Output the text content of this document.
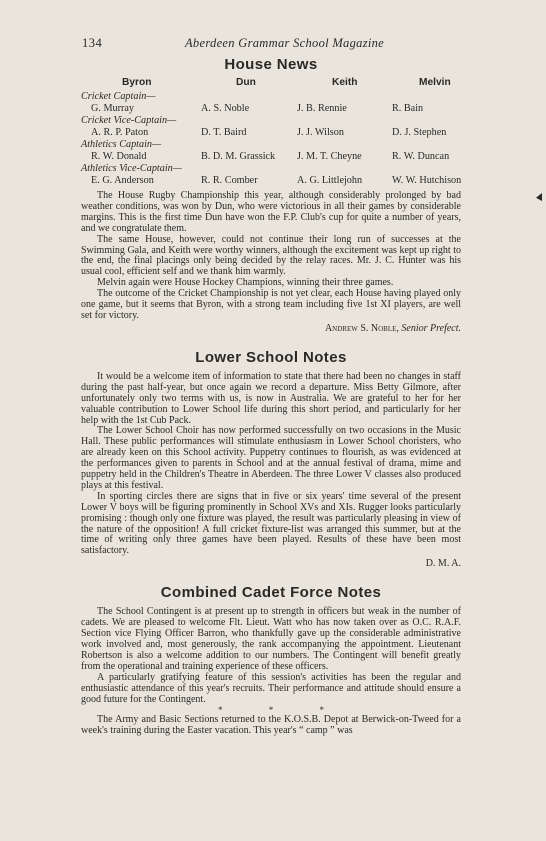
134	Aberdeen Grammar School Magazine
House News
Byron	Dun	Keith	Melvin
Cricket Captain—
G. Murray	A. S. Noble	J. B. Rennie	R. Bain
Cricket Vice-Captain—
A. R. P. Paton	D. T. Baird	J. J. Wilson	D. J. Stephen
Athletics Captain—
R. W. Donald	B. D. M. Grassick	J. M. T. Cheyne	R. W. Duncan
Athletics Vice-Captain—
E. G. Anderson	R. R. Comber	A. G. Littlejohn	W. W. Hutchison

The House Rugby Championship this year, although considerably prolonged by bad weather conditions, was won by Dun, who were victorious in all their games by considerable margins. This is the first time Dun have won the F.P. Club's cup for quite a number of years, and we congratulate them.

The same House, however, could not continue their long run of successes at the Swimming Gala, and Keith were worthy winners, although the excitement was kept up right to the end, the final placings only being decided by the relay races. Mr. J. C. Hunter was his usual cool, efficient self and we thank him warmly.

Melvin again were House Hockey Champions, winning their three games.

The outcome of the Cricket Championship is not yet clear, each House having played only one game, but it seems that Byron, with a strong team including five 1st XI players, are well set for victory.

Andrew S. Noble, Senior Prefect.
Lower School Notes

It would be a welcome item of information to state that there had been no changes in staff during the past half-year, but once again we record a departure. Miss Betty Gilmore, after unfortunately only two terms with us, is now in Australia. We are grateful to her for her valuable contribution to Lower School life during this short period, and particularly for her help with the 1st Cub Pack.

The Lower School Choir has now performed successfully on two occasions in the Music Hall. These public performances will stimulate enthusiasm in Lower School choristers, who are already keen on this School activity. Puppetry continues to flourish, as was evidenced at the performances given to parents in School and at the annual festival of drama, mime and puppetry held in the Children's Theatre in Aberdeen. The three Lower V classes also produced plays at this festival.

In sporting circles there are signs that in five or six years' time several of the present Lower V boys will be figuring prominently in School XVs and XIs. Rugger looks particularly promising : though only one fixture was played, the result was particularly pleasing in view of the nature of the opposition! A full cricket fixture-list was arranged this summer, but at the time of writing only three games have been played. Results of these have been most satisfactory.

D. M. A.
Combined Cadet Force Notes

The School Contingent is at present up to strength in officers but weak in the number of cadets. We are pleased to welcome Flt. Lieut. Watt who has now taken over as O.C. R.A.F. Section vice Flying Officer Barron, who thankfully gave up the considerable administrative work involved and, most generously, the rank accompanying the appointment. Lieutenant Robertson is also a welcome addition to our numbers. The Contingent will benefit greatly from the operational and training experience of these officers.

A particularly gratifying feature of this session's activities has been the regular and enthusiastic attendance of this year's recruits. Their performance and attitude should ensure a good future for the Contingent.

* * *

The Army and Basic Sections returned to the K.O.S.B. Depot at Berwick-on-Tweed for a week's training during the Easter vacation. This year's “ camp ” was
